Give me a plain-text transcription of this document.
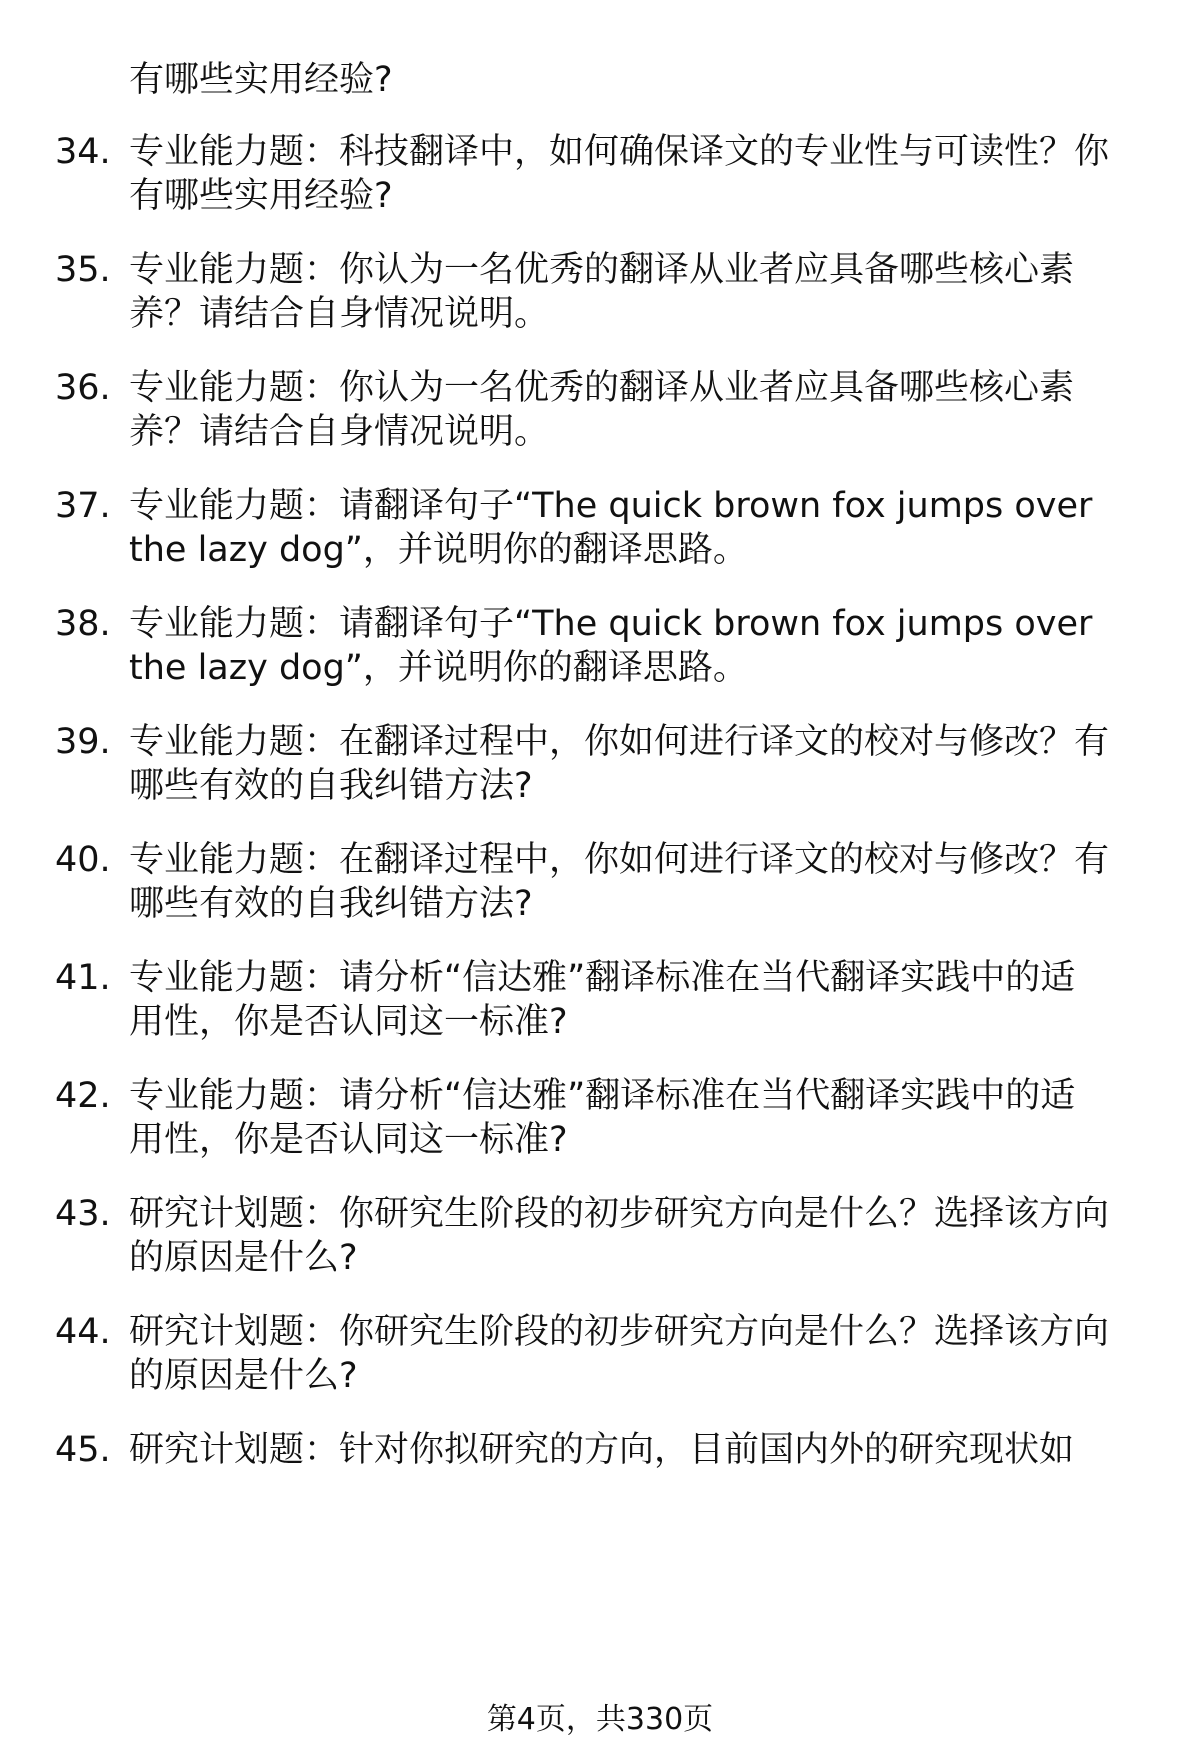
有哪些实用经验?
34. 专业能力题：科技翻译中，如何确保译文的专业性与可读性？你
有哪些实用经验?
35. 专业能力题：你认为一名优秀的翻译从业者应具备哪些核心素
养？请结合自身情况说明。
36. 专业能力题：你认为一名优秀的翻译从业者应具备哪些核心素
养？请结合自身情况说明。
37. 专业能力题：请翻译句子“The quick brown fox jumps over
the lazy dog”，并说明你的翻译思路。
38. 专业能力题：请翻译句子“The quick brown fox jumps over
the lazy dog”，并说明你的翻译思路。
39. 专业能力题：在翻译过程中，你如何进行译文的校对与修改？有
哪些有效的自我纠错方法?
40. 专业能力题：在翻译过程中，你如何进行译文的校对与修改？有
哪些有效的自我纠错方法?
41. 专业能力题：请分析“信达雅”翻译标准在当代翻译实践中的适
用性，你是否认同这一标准?
42. 专业能力题：请分析“信达雅”翻译标准在当代翻译实践中的适
用性，你是否认同这一标准?
43. 研究计划题：你研究生阶段的初步研究方向是什么？选择该方向
的原因是什么?
44. 研究计划题：你研究生阶段的初步研究方向是什么？选择该方向
的原因是什么?
45. 研究计划题：针对你拟研究的方向，目前国内外的研究现状如
第4页，共330页
